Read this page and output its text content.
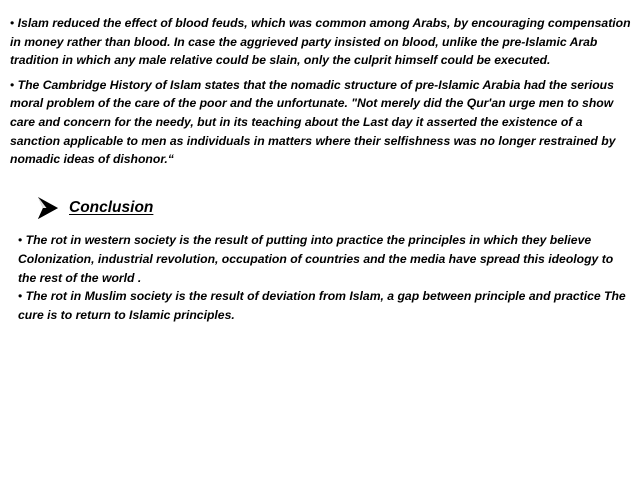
• Islam reduced the effect of blood feuds, which was common among Arabs, by encouraging compensation in money rather than blood. In case the aggrieved party insisted on blood, unlike the pre-Islamic Arab tradition in which any male relative could be slain, only the culprit himself could be executed.

• The Cambridge History of Islam states that the nomadic structure of pre-Islamic Arabia had the serious moral problem of the care of the poor and the unfortunate. "Not merely did the Qur'an urge men to show care and concern for the needy, but in its teaching about the Last day it asserted the existence of a sanction applicable to men as individuals in matters where their selfishness was no longer restrained by nomadic ideas of dishonor.“

Conclusion

• The rot in western society is the result of putting into practice the principles in which they believe Colonization, industrial revolution, occupation of countries and the media have spread this ideology to the rest of the world .

• The rot in Muslim society is the result of deviation from Islam, a gap between principle and practice The cure is to return to Islamic principles.
